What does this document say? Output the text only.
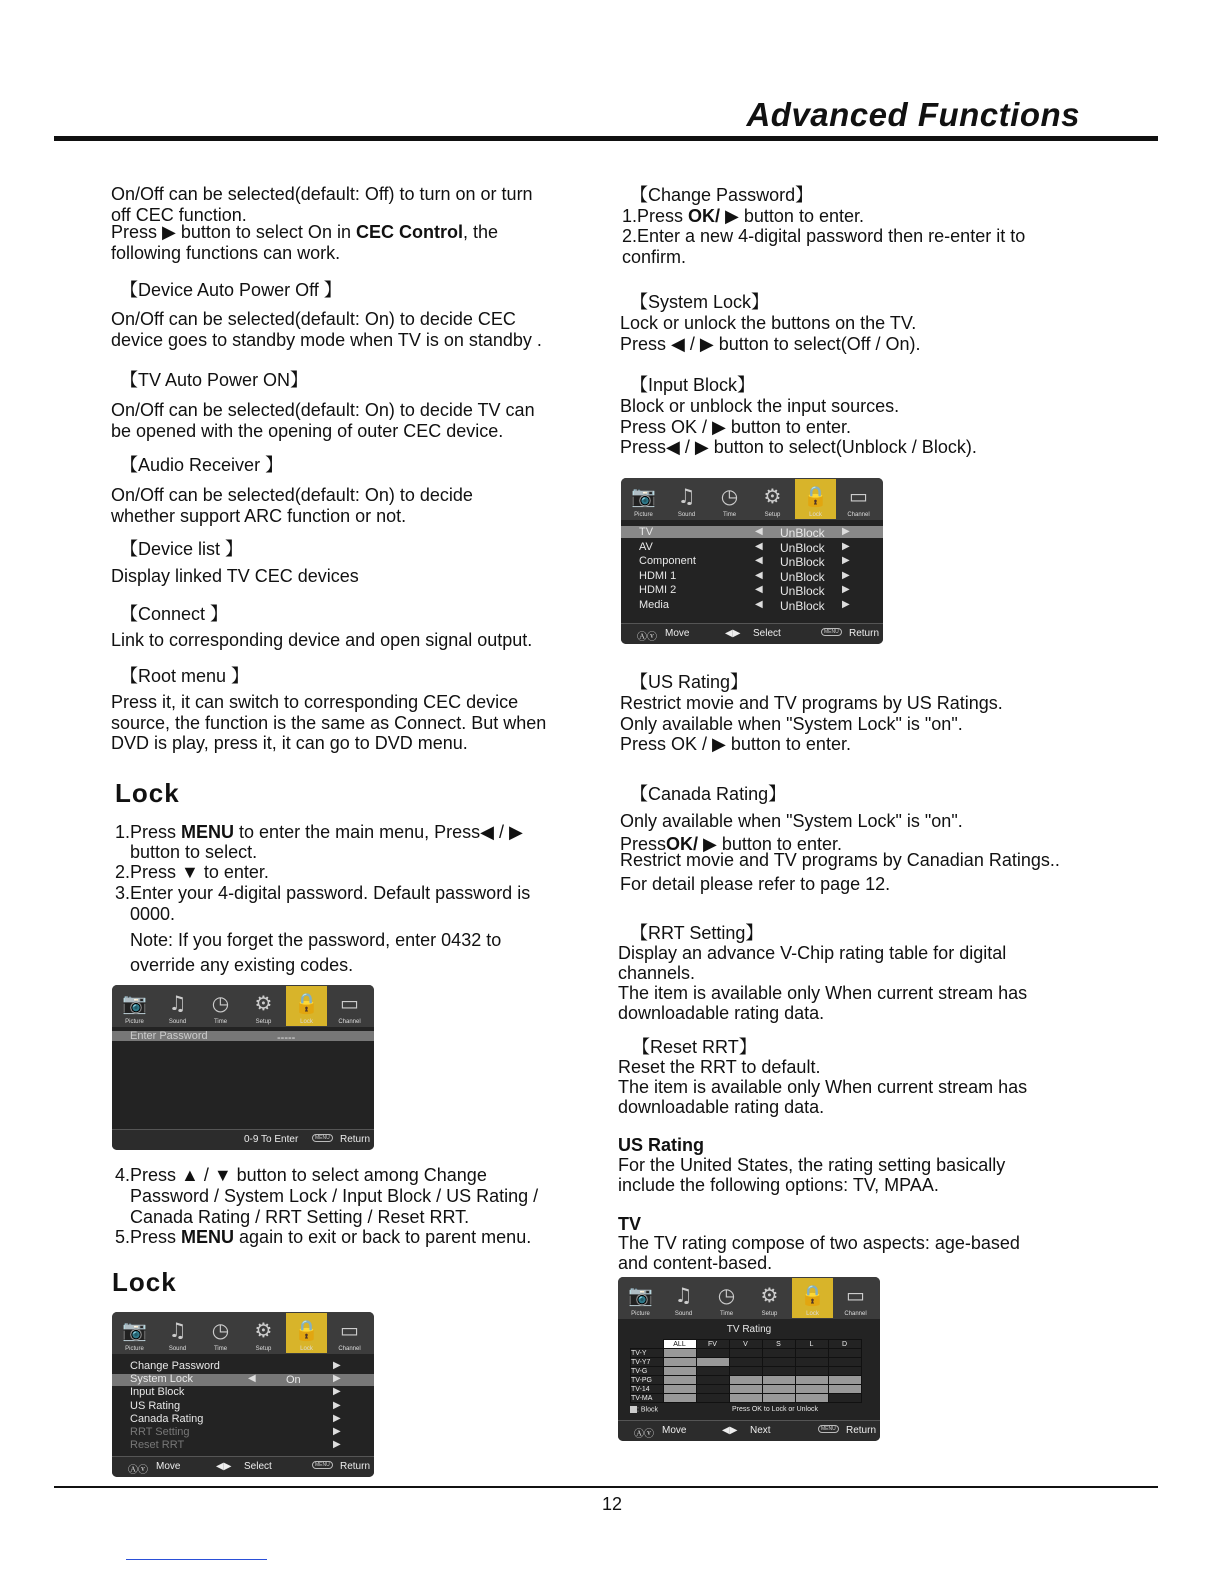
Advanced Functions
On/Off can be selected(default: Off) to turn on or turn
off CEC function.
Press ▶ button to select On in CEC Control, the
following functions can work.
【Device Auto Power Off 】
On/Off can be selected(default: On) to decide CEC
device goes to standby mode when TV is on standby .
【TV Auto Power ON】
On/Off can be selected(default: On) to decide TV can
be opened with the opening of outer CEC device.
【Audio Receiver 】
On/Off can be selected(default: On) to decide
whether support ARC function or not.
【Device list 】
Display linked TV CEC devices
【Connect 】
Link to corresponding device and open signal output.
【Root menu 】
Press it, it can switch to corresponding CEC device
source, the function is the same as Connect. But when
DVD is play, press it, it can go to DVD menu.
Lock
1.Press MENU to enter the main menu, Press◀ / ▶
button to select.
2.Press ▼ to enter.
3.Enter your 4-digital password. Default password is
0000.
Note: If you forget the password, enter 0432 to
override any existing codes.
📷
Picture
♫
Sound
◷
Time
⚙
Setup
🔒
Lock
▭
Channel
Enter Password	-----
0-9 To Enter	MENU	Return
4.Press ▲ / ▼ button to select among Change
Password / System Lock / Input Block / US Rating /
Canada Rating / RRT Setting / Reset RRT.
5.Press MENU again to exit or back to parent menu.
Lock
📷
Picture
♫
Sound
◷
Time
⚙
Setup
🔒
Lock
▭
Channel
Change Password	▶
System Lock	▶
Input Block	▶
US Rating	▶
Canada Rating	▶
RRT Setting	▶
Reset RRT	▶
On
◀
Ⓐⓥ Move	◀▶ Select	MENU	Return
【Change Password】
1.Press OK/ ▶ button to enter.
2.Enter a new 4-digital password then re-enter it to
confirm.
【System Lock】
Lock or unlock the buttons on the TV.
Press ◀ / ▶ button to select(Off / On).
【Input Block】
Block or unblock the input sources.
Press OK / ▶ button to enter.
Press◀ / ▶ button to select(Unblock / Block).
📷
Picture
♫
Sound
◷
Time
⚙
Setup
🔒
Lock
▭
Channel
TV	◀ UnBlock ▶
AV	◀ UnBlock ▶
Component	◀ UnBlock ▶
HDMI 1	◀ UnBlock ▶
HDMI 2	◀ UnBlock ▶
Media	◀ UnBlock ▶
Ⓐⓥ Move	◀▶ Select	MENU	Return
【US Rating】
Restrict movie and TV programs by US Ratings.
Only available when "System Lock" is "on".
Press OK / ▶ button to enter.
【Canada Rating】
Only available when "System Lock" is "on".
PressOK/ ▶ button to enter.
Restrict movie and TV programs by Canadian Ratings..
For detail please refer to page 12.
【RRT Setting】
Display an advance V-Chip rating table for digital
channels.
The item is available only When current stream has
downloadable rating data.
【Reset RRT】
Reset the RRT to default.
The item is available only When current stream has
downloadable rating data.
US Rating
For the United States, the rating setting basically
include the following options: TV, MPAA.
TV
The TV rating compose of two aspects: age-based
and content-based.
📷
Picture
♫
Sound
◷
Time
⚙
Setup
🔒
Lock
▭
Channel
TV Rating
	ALL	FV	V	S	L	D
TV-Y						
TV-Y7						
TV-G						
TV-PG						
TV-14						
TV-MA						
: Block	Press OK to Lock or Unlock
Ⓐⓥ Move	◀▶ Next	MENU	Return
12
